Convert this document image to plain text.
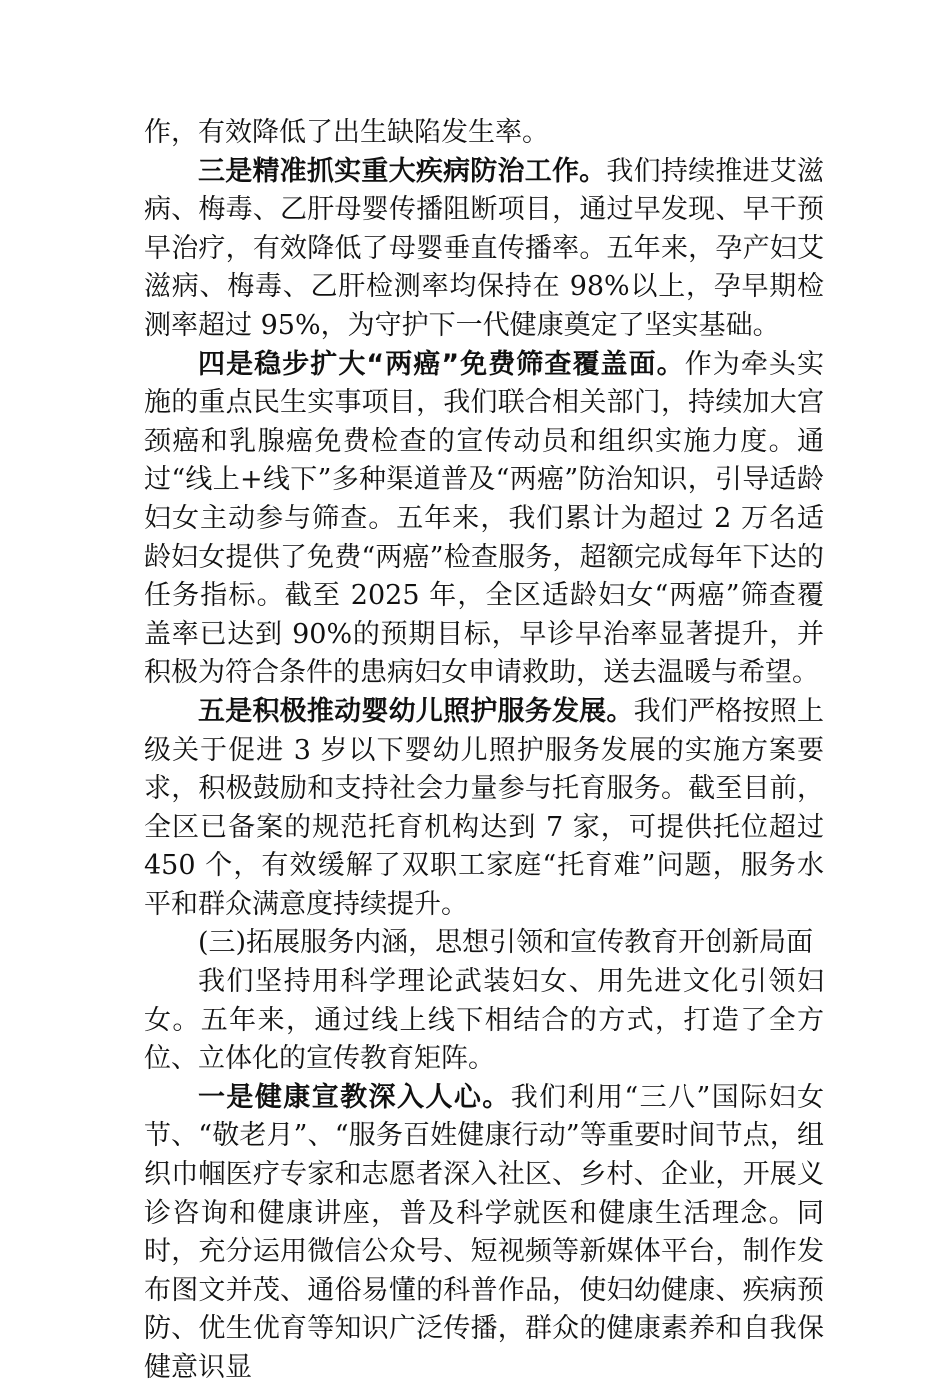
作，有效降低了出生缺陷发生率。

三是精准抓实重大疾病防治工作。我们持续推进艾滋病、梅毒、乙肝母婴传播阻断项目，通过早发现、早干预早治疗，有效降低了母婴垂直传播率。五年来，孕产妇艾滋病、梅毒、乙肝检测率均保持在 98%以上，孕早期检测率超过 95%，为守护下一代健康奠定了坚实基础。

四是稳步扩大“两癌”免费筛查覆盖面。作为牵头实施的重点民生实事项目，我们联合相关部门，持续加大宫颈癌和乳腺癌免费检查的宣传动员和组织实施力度。通过“线上+线下”多种渠道普及“两癌”防治知识，引导适龄妇女主动参与筛查。五年来，我们累计为超过 2 万名适龄妇女提供了免费“两癌”检查服务，超额完成每年下达的任务指标。截至 2025 年，全区适龄妇女“两癌”筛查覆盖率已达到 90%的预期目标，早诊早治率显著提升，并积极为符合条件的患病妇女申请救助，送去温暖与希望。

五是积极推动婴幼儿照护服务发展。我们严格按照上级关于促进 3 岁以下婴幼儿照护服务发展的实施方案要求，积极鼓励和支持社会力量参与托育服务。截至目前，全区已备案的规范托育机构达到 7 家，可提供托位超过 450 个，有效缓解了双职工家庭“托育难”问题，服务水平和群众满意度持续提升。

(三)拓展服务内涵，思想引领和宣传教育开创新局面

我们坚持用科学理论武装妇女、用先进文化引领妇女。五年来，通过线上线下相结合的方式，打造了全方位、立体化的宣传教育矩阵。

一是健康宣教深入人心。我们利用“三八”国际妇女节、“敬老月”、“服务百姓健康行动”等重要时间节点，组织巾帼医疗专家和志愿者深入社区、乡村、企业，开展义诊咨询和健康讲座，普及科学就医和健康生活理念。同时，充分运用微信公众号、短视频等新媒体平台，制作发布图文并茂、通俗易懂的科普作品，使妇幼健康、疾病预防、优生优育等知识广泛传播，群众的健康素养和自我保健意识显
